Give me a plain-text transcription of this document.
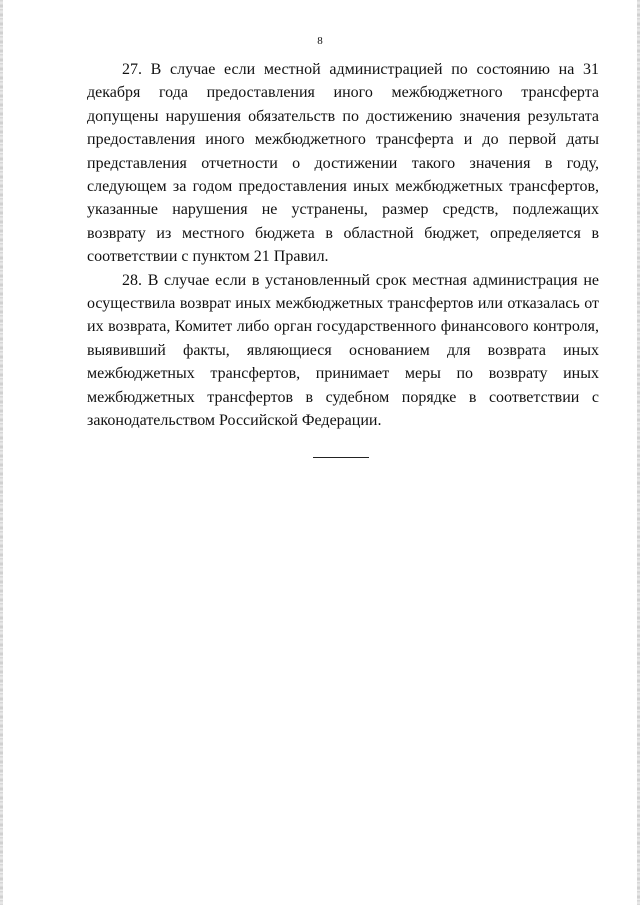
8

27. В случае если местной администрацией по состоянию на 31 декабря года предоставления иного межбюджетного трансферта допущены нарушения обязательств по достижению значения результата предоставления иного межбюджетного трансферта и до первой даты представления отчетности о достижении такого значения в году, следующем за годом предоставления иных межбюджетных трансфертов, указанные нарушения не устранены, размер средств, подлежащих возврату из местного бюджета в областной бюджет, определяется в соответствии с пунктом 21 Правил.

28. В случае если в установленный срок местная администрация не осуществила возврат иных межбюджетных трансфертов или отказалась от их возврата, Комитет либо орган государственного финансового контроля, выявивший факты, являющиеся основанием для возврата иных межбюджетных трансфертов, принимает меры по возврату иных межбюджетных трансфертов в судебном порядке в соответствии с законодательством Российской Федерации.
